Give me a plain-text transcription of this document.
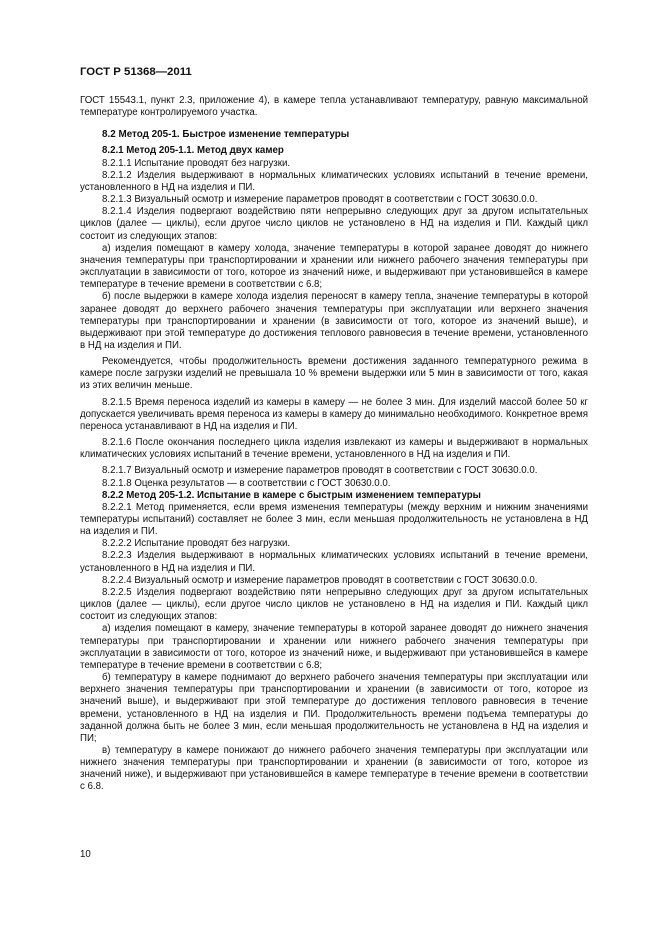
ГОСТ Р 51368—2011

ГОСТ 15543.1, пункт 2.3, приложение 4), в камере тепла устанавливают температуру, равную максимальной температуре контролируемого участка.

8.2 Метод 205-1. Быстрое изменение температуры
8.2.1 Метод 205-1.1. Метод двух камер

8.2.1.1 Испытание проводят без нагрузки.

8.2.1.2 Изделия выдерживают в нормальных климатических условиях испытаний в течение времени, установленного в НД на изделия и ПИ.

8.2.1.3 Визуальный осмотр и измерение параметров проводят в соответствии с ГОСТ 30630.0.0.

8.2.1.4 Изделия подвергают воздействию пяти непрерывно следующих друг за другом испытательных циклов (далее — циклы), если другое число циклов не установлено в НД на изделия и ПИ. Каждый цикл состоит из следующих этапов:

а) изделия помещают в камеру холода, значение температуры в которой заранее доводят до нижнего значения температуры при транспортировании и хранении или нижнего рабочего значения температуры при эксплуатации в зависимости от того, которое из значений ниже, и выдерживают при установившейся в камере температуре в течение времени в соответствии с 6.8;

б) после выдержки в камере холода изделия переносят в камеру тепла, значение температуры в которой заранее доводят до верхнего рабочего значения температуры при эксплуатации или верхнего значения температуры при транспортировании и хранении (в зависимости от того, которое из значений выше), и выдерживают при этой температуре до достижения теплового равновесия в течение времени, установленного в НД на изделия и ПИ.

Рекомендуется, чтобы продолжительность времени достижения заданного температурного режима в камере после загрузки изделий не превышала 10 % времени выдержки или 5 мин в зависимости от того, какая из этих величин меньше.

8.2.1.5 Время переноса изделий из камеры в камеру — не более 3 мин. Для изделий массой более 50 кг допускается увеличивать время переноса из камеры в камеру до минимально необходимого. Конкретное время переноса устанавливают в НД на изделия и ПИ.

8.2.1.6 После окончания последнего цикла изделия извлекают из камеры и выдерживают в нормальных климатических условиях испытаний в течение времени, установленного в НД на изделия и ПИ.

8.2.1.7 Визуальный осмотр и измерение параметров проводят в соответствии с ГОСТ 30630.0.0.

8.2.1.8 Оценка результатов — в соответствии с ГОСТ 30630.0.0.

8.2.2 Метод 205-1.2. Испытание в камере с быстрым изменением температуры

8.2.2.1 Метод применяется, если время изменения температуры (между верхним и нижним значениями температуры испытаний) составляет не более 3 мин, если меньшая продолжительность не установлена в НД на изделия и ПИ.

8.2.2.2 Испытание проводят без нагрузки.

8.2.2.3 Изделия выдерживают в нормальных климатических условиях испытаний в течение времени, установленного в НД на изделия и ПИ.

8.2.2.4 Визуальный осмотр и измерение параметров проводят в соответствии с ГОСТ 30630.0.0.

8.2.2.5 Изделия подвергают воздействию пяти непрерывно следующих друг за другом испытательных циклов (далее — циклы), если другое число циклов не установлено в НД на изделия и ПИ. Каждый цикл состоит из следующих этапов:

а) изделия помещают в камеру, значение температуры в которой заранее доводят до нижнего значения температуры при транспортировании и хранении или нижнего рабочего значения температуры при эксплуатации в зависимости от того, которое из значений ниже, и выдерживают при установившейся в камере температуре в течение времени в соответствии с 6.8;

б) температуру в камере поднимают до верхнего рабочего значения температуры при эксплуатации или верхнего значения температуры при транспортировании и хранении (в зависимости от того, которое из значений выше), и выдерживают при этой температуре до достижения теплового равновесия в течение времени, установленного в НД на изделия и ПИ. Продолжительность времени подъема температуры до заданной должна быть не более 3 мин, если меньшая продолжительность не установлена в НД на изделия и ПИ;

в) температуру в камере понижают до нижнего рабочего значения температуры при эксплуатации или нижнего значения температуры при транспортировании и хранении (в зависимости от того, которое из значений ниже), и выдерживают при установившейся в камере температуре в течение времени в соответствии с 6.8.

10
